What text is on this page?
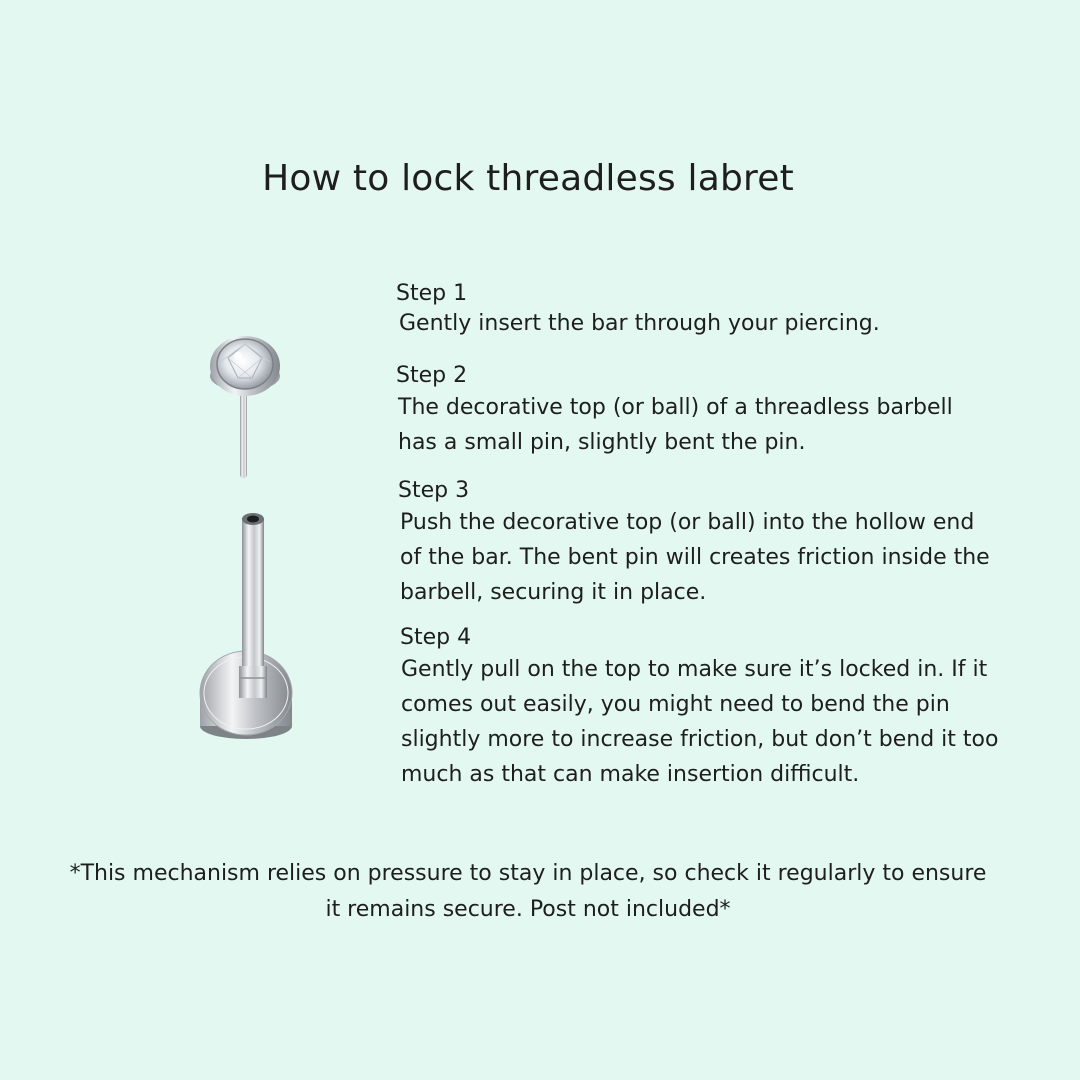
How to lock threadless labret
Step 1
Gently insert the bar through your piercing.
Step 2
The decorative top (or ball) of a threadless barbell has a small pin, slightly bent the pin.
Step 3
Push the decorative top (or ball) into the hollow end of the bar. The bent pin will creates friction inside the barbell, securing it in place.
Step 4
Gently pull on the top to make sure it’s locked in. If it comes out easily, you might need to bend the pin slightly more to increase friction, but don’t bend it too much as that can make insertion difficult.

*This mechanism relies on pressure to stay in place, so check it regularly to ensure it remains secure. Post not included*
